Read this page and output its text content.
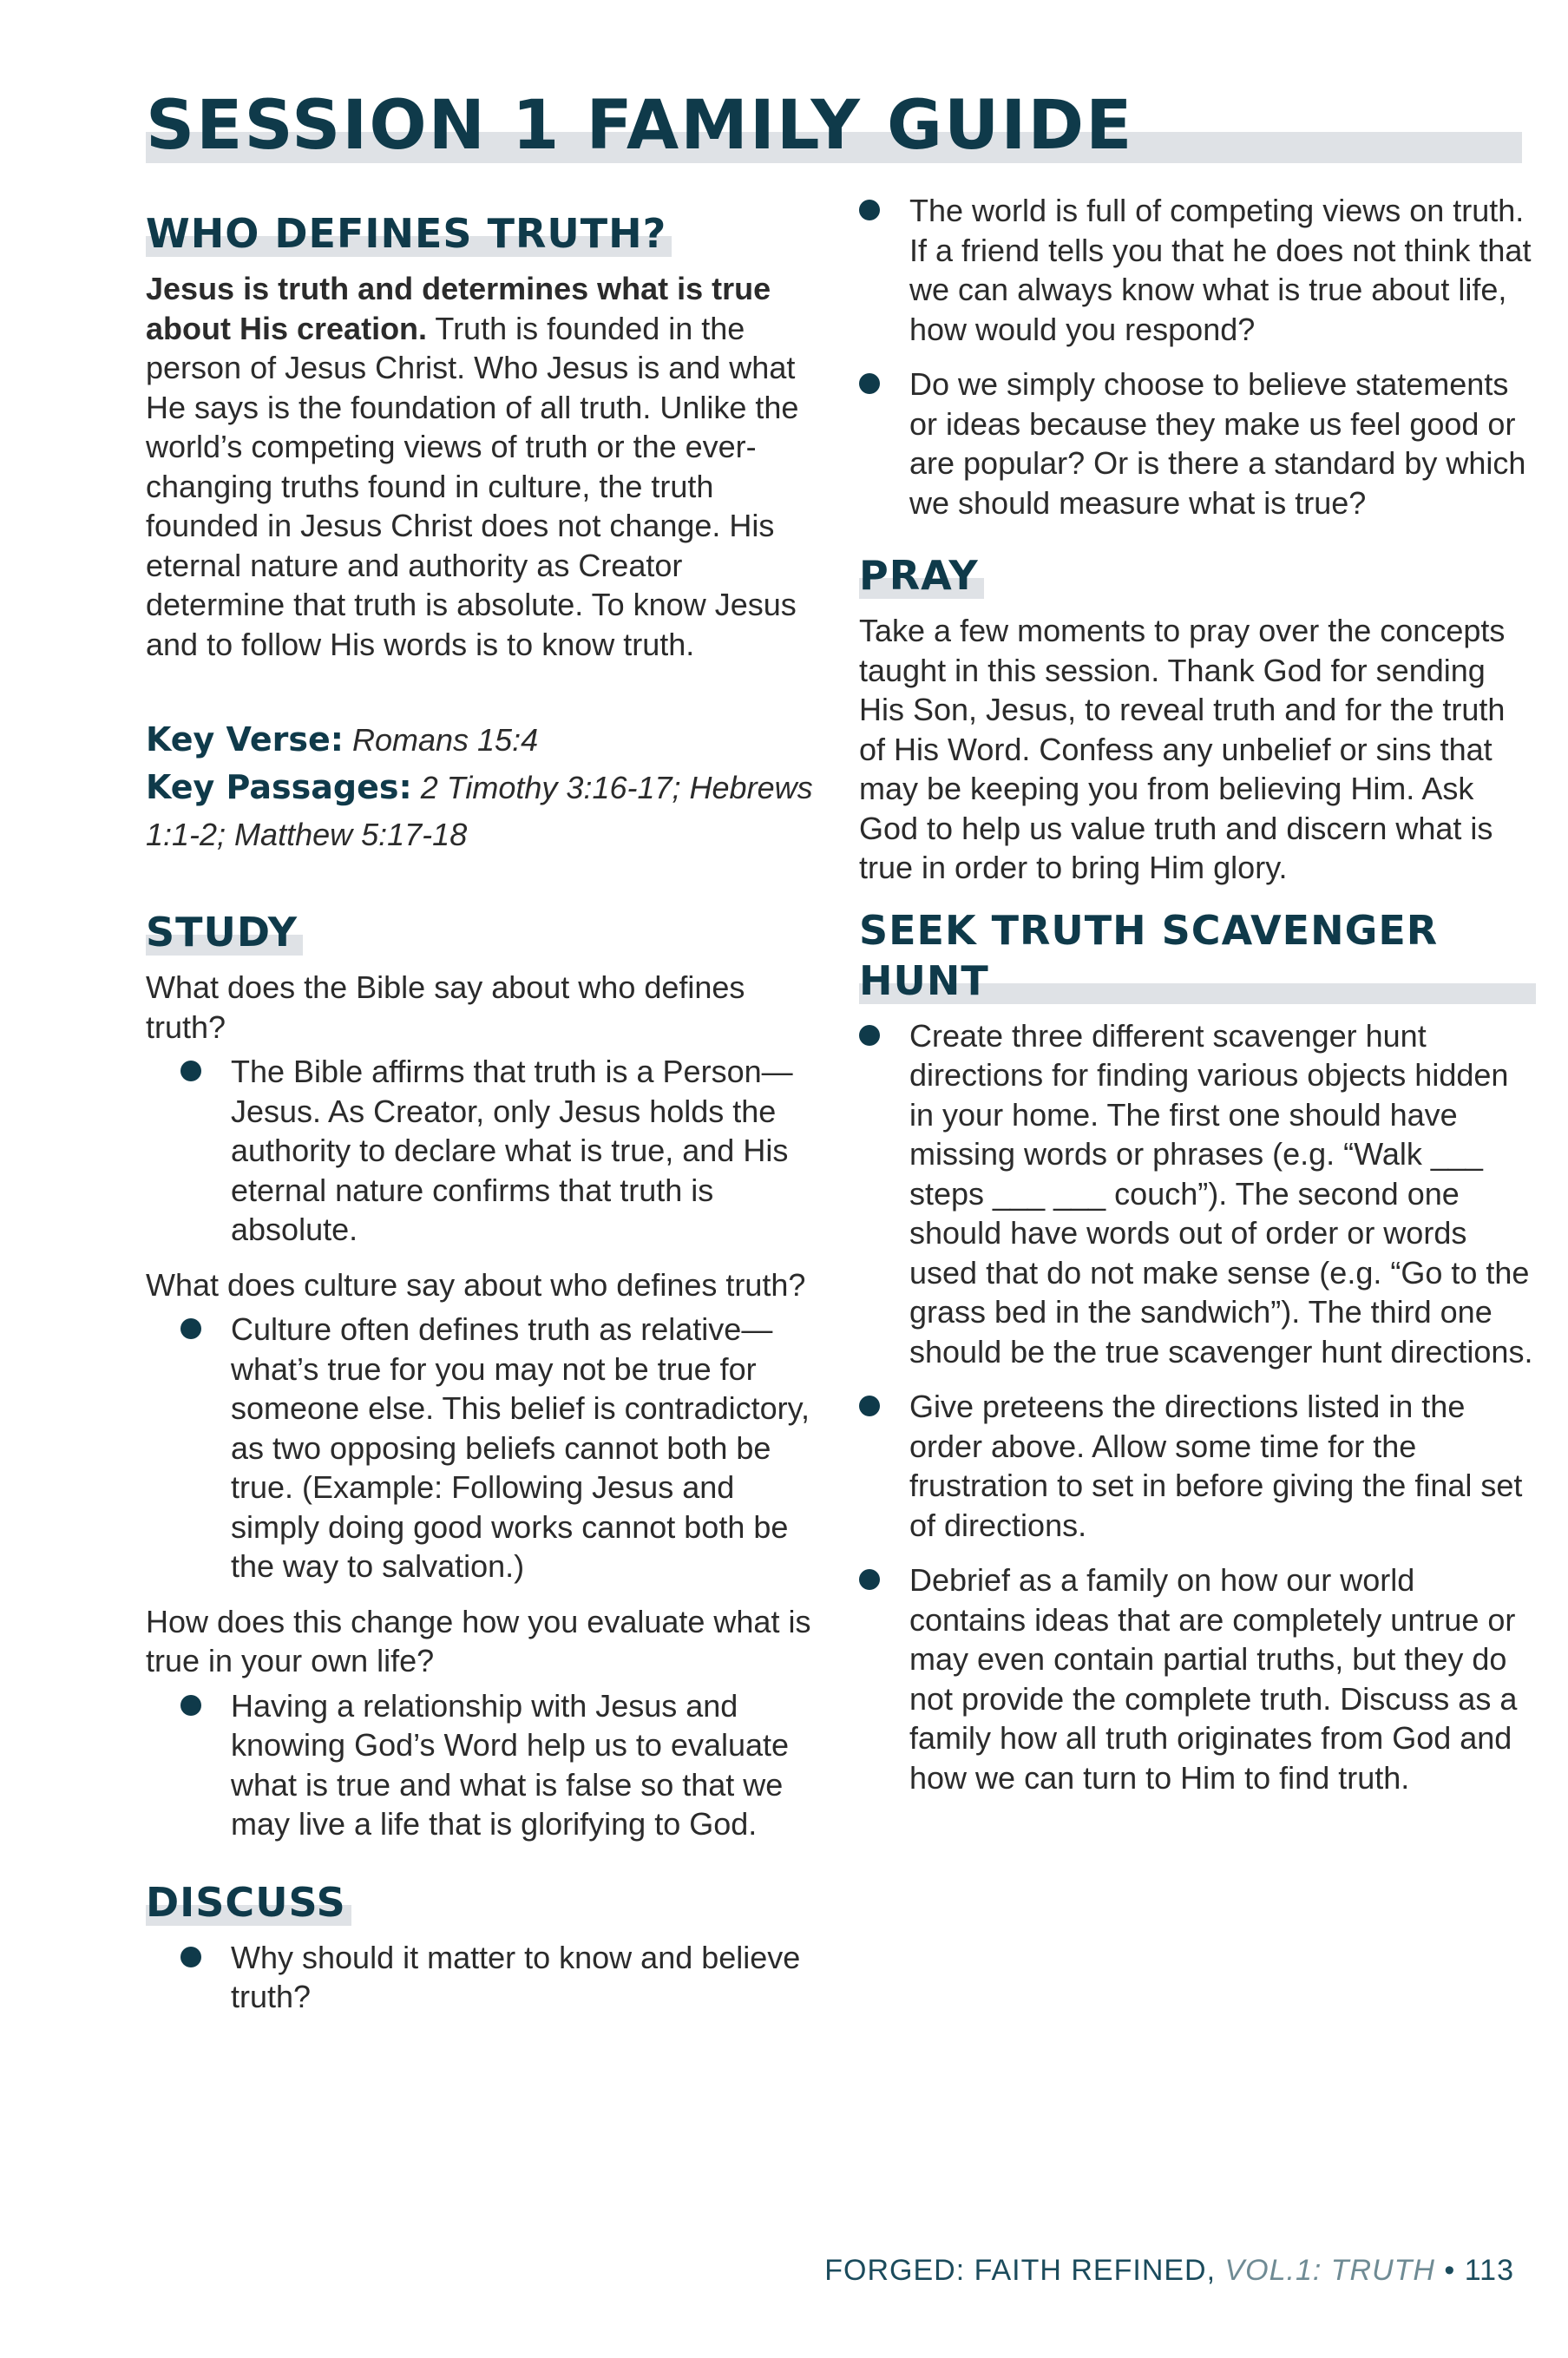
SESSION 1 FAMILY GUIDE
WHO DEFINES TRUTH?

Jesus is truth and determines what is true about His creation. Truth is founded in the person of Jesus Christ. Who Jesus is and what He says is the foundation of all truth. Unlike the world’s competing views of truth or the ever-changing truths found in culture, the truth founded in Jesus Christ does not change. His eternal nature and authority as Creator determine that truth is absolute. To know Jesus and to follow His words is to know truth.

Key Verse: Romans 15:4
Key Passages: 2 Timothy 3:16-17; Hebrews 1:1-2; Matthew 5:17-18
STUDY
What does the Bible say about who defines truth?
The Bible affirms that truth is a Person—Jesus. As Creator, only Jesus holds the authority to declare what is true, and His eternal nature confirms that truth is absolute.
What does culture say about who defines truth?
Culture often defines truth as relative—what’s true for you may not be true for someone else. This belief is contradictory, as two opposing beliefs cannot both be true. (Example: Following Jesus and simply doing good works cannot both be the way to salvation.)
How does this change how you evaluate what is true in your own life?
Having a relationship with Jesus and knowing God’s Word help us to evaluate what is true and what is false so that we may live a life that is glorifying to God.
DISCUSS
Why should it matter to know and believe truth?
The world is full of competing views on truth. If a friend tells you that he does not think that we can always know what is true about life, how would you respond?
Do we simply choose to believe statements or ideas because they make us feel good or are popular? Or is there a standard by which we should measure what is true?
PRAY

Take a few moments to pray over the concepts taught in this session. Thank God for sending His Son, Jesus, to reveal truth and for the truth of His Word. Confess any unbelief or sins that may be keeping you from believing Him. Ask God to help us value truth and discern what is true in order to bring Him glory.

SEEK TRUTH SCAVENGER HUNT
Create three different scavenger hunt directions for finding various objects hidden in your home. The first one should have missing words or phrases (e.g. “Walk ___ steps ___ ___ couch”). The second one should have words out of order or words used that do not make sense (e.g. “Go to the grass bed in the sandwich”). The third one should be the true scavenger hunt directions.
Give preteens the directions listed in the order above. Allow some time for the frustration to set in before giving the final set of directions.
Debrief as a family on how our world contains ideas that are completely untrue or may even contain partial truths, but they do not provide the complete truth. Discuss as a family how all truth originates from God and how we can turn to Him to find truth.
FORGED: FAITH REFINED, VOL.1: TRUTH • 113
